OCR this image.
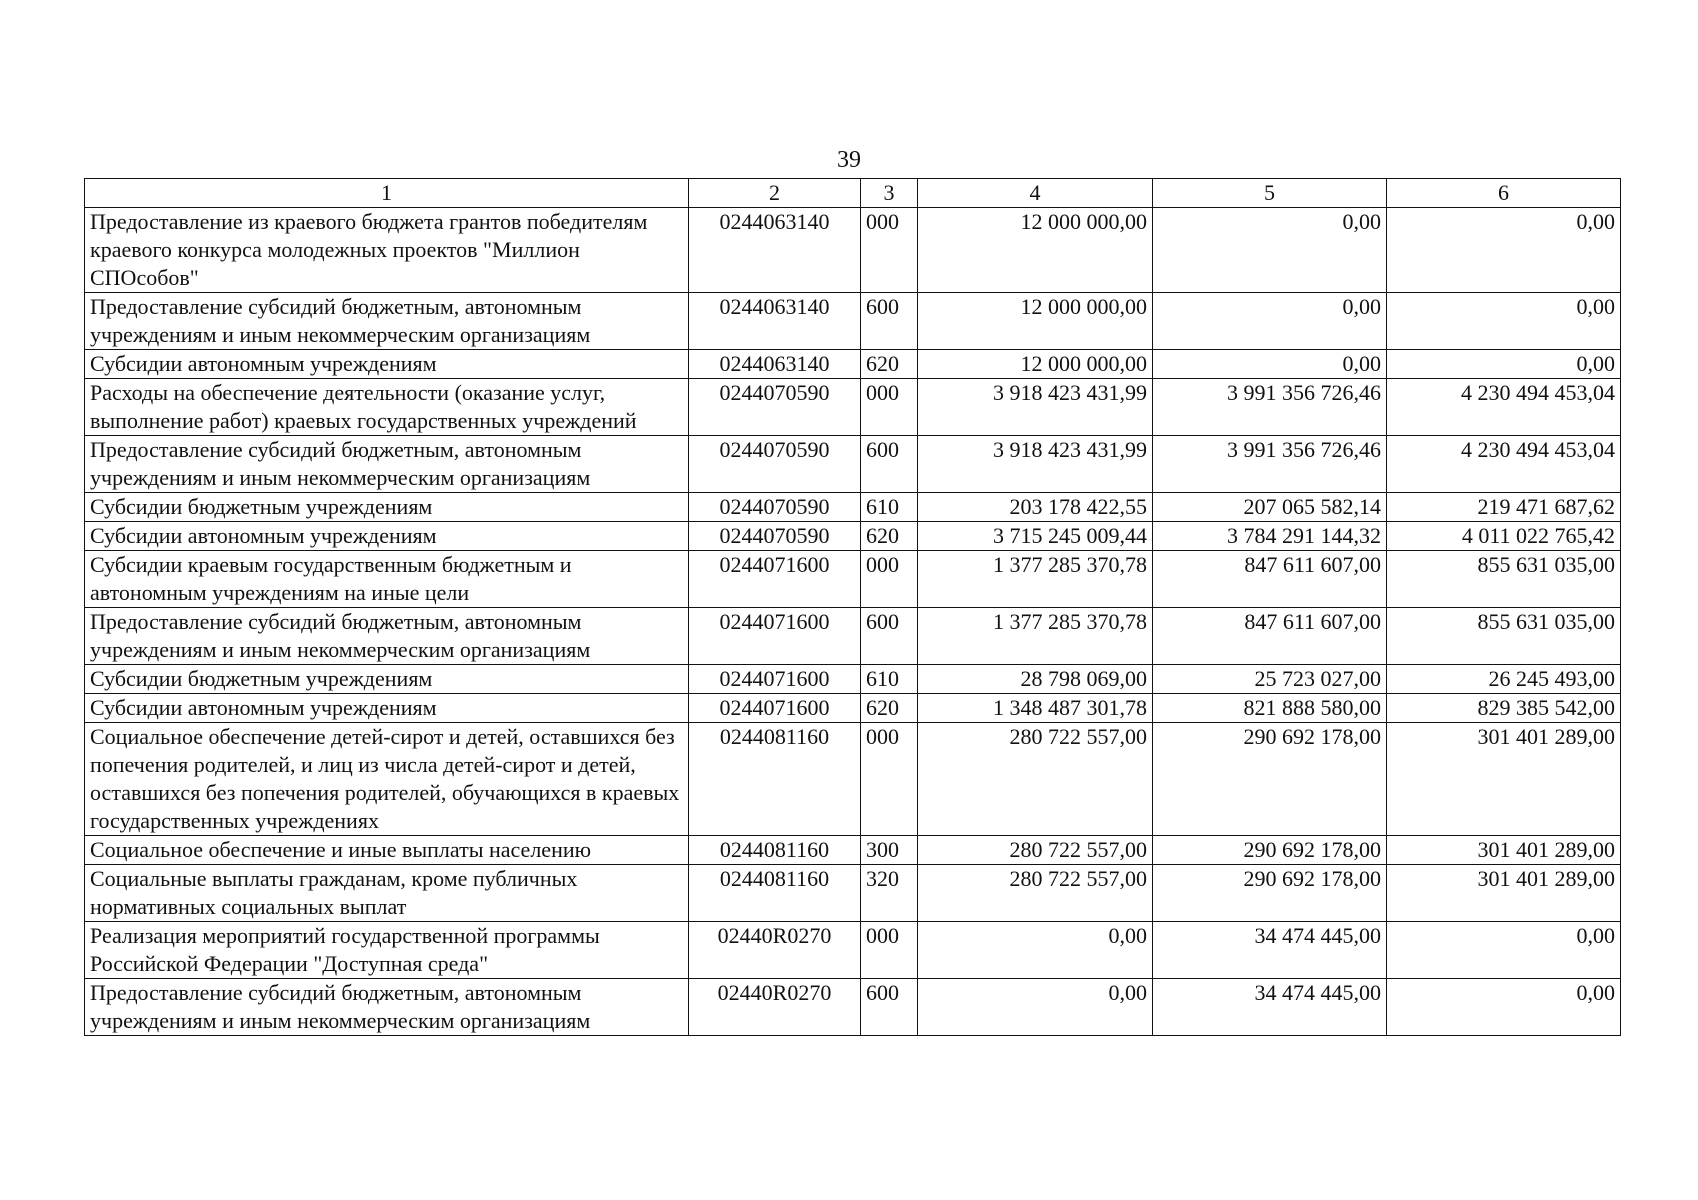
39
1	2	3	4	5	6
Предоставление из краевого бюджета грантов победителям краевого конкурса молодежных проектов "Миллион СПОсобов"	0244063140	000	12 000 000,00	0,00	0,00
Предоставление субсидий бюджетным, автономным учреждениям и иным некоммерческим организациям	0244063140	600	12 000 000,00	0,00	0,00
Субсидии автономным учреждениям	0244063140	620	12 000 000,00	0,00	0,00
Расходы на обеспечение деятельности (оказание услуг, выполнение работ) краевых государственных учреждений	0244070590	000	3 918 423 431,99	3 991 356 726,46	4 230 494 453,04
Предоставление субсидий бюджетным, автономным учреждениям и иным некоммерческим организациям	0244070590	600	3 918 423 431,99	3 991 356 726,46	4 230 494 453,04
Субсидии бюджетным учреждениям	0244070590	610	203 178 422,55	207 065 582,14	219 471 687,62
Субсидии автономным учреждениям	0244070590	620	3 715 245 009,44	3 784 291 144,32	4 011 022 765,42
Субсидии краевым государственным бюджетным и автономным учреждениям на иные цели	0244071600	000	1 377 285 370,78	847 611 607,00	855 631 035,00
Предоставление субсидий бюджетным, автономным учреждениям и иным некоммерческим организациям	0244071600	600	1 377 285 370,78	847 611 607,00	855 631 035,00
Субсидии бюджетным учреждениям	0244071600	610	28 798 069,00	25 723 027,00	26 245 493,00
Субсидии автономным учреждениям	0244071600	620	1 348 487 301,78	821 888 580,00	829 385 542,00
Социальное обеспечение детей-сирот и детей, оставшихся без попечения родителей, и лиц из числа детей-сирот и детей, оставшихся без попечения родителей, обучающихся в краевых государственных учреждениях	0244081160	000	280 722 557,00	290 692 178,00	301 401 289,00
Социальное обеспечение и иные выплаты населению	0244081160	300	280 722 557,00	290 692 178,00	301 401 289,00
Социальные выплаты гражданам, кроме публичных нормативных социальных выплат	0244081160	320	280 722 557,00	290 692 178,00	301 401 289,00
Реализация мероприятий государственной программы Российской Федерации "Доступная среда"	02440R0270	000	0,00	34 474 445,00	0,00
Предоставление субсидий бюджетным, автономным учреждениям и иным некоммерческим организациям	02440R0270	600	0,00	34 474 445,00	0,00
